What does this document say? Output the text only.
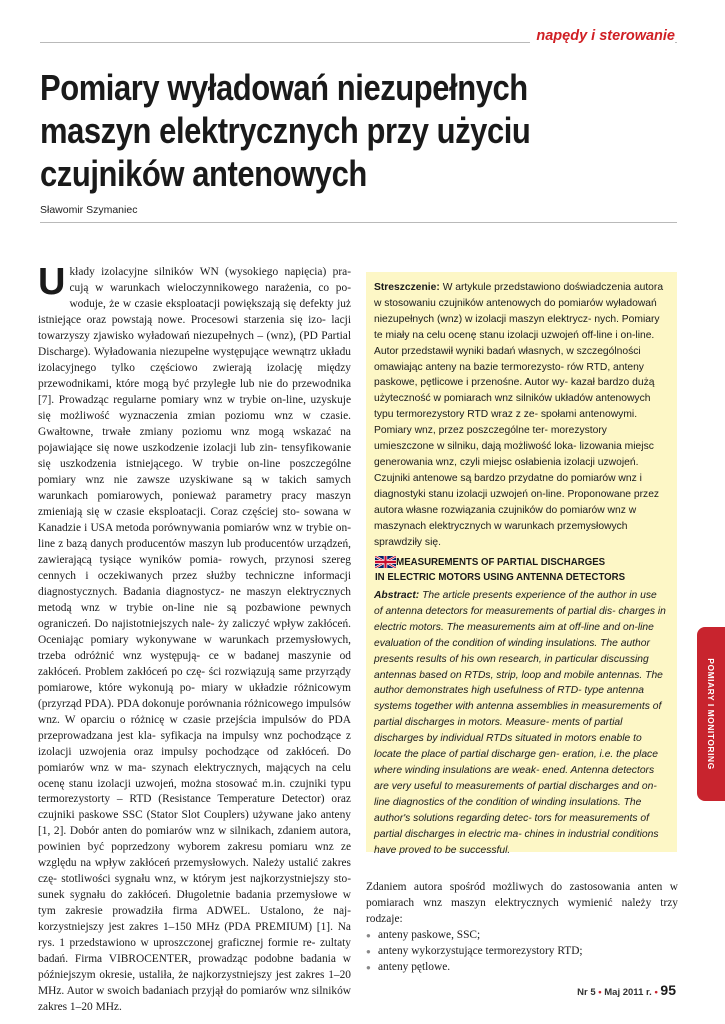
napędy i sterowanie
Pomiary wyładowań niezupełnych
maszyn elektrycznych przy użyciu
czujników antenowych
Sławomir Szymaniec
U kłady izolacyjne silników WN (wysokiego napięcia) pra- cują w warunkach wieloczynnikowego narażenia, co po- woduje, że w czasie eksploatacji powiększają się defekty już istniejące oraz powstają nowe. Procesowi starzenia się izo- lacji towarzyszy zjawisko wyładowań niezupełnych – (wnz), (PD Partial Discharge). Wyładowania niezupełne występujące wewnątrz układu izolacyjnego tylko częściowo zwierają izolację między przewodnikami, które mogą być przyległe lub nie do przewodnika [7]. Prowadząc regularne pomiary wnz w trybie on-line, uzyskuje się możliwość wyznaczenia zmian poziomu wnz w czasie. Gwałtowne, trwałe zmiany poziomu wnz mogą wskazać na pojawiające się nowe uszkodzenie izolacji lub zin- tensyfikowanie się uszkodzenia istniejącego. W trybie on-line poszczególne pomiary wnz nie zawsze uzyskiwane są w takich samych warunkach pomiarowych, ponieważ parametry pracy maszyn zmieniają się w czasie eksploatacji. Coraz częściej sto- sowana w Kanadzie i USA metoda porównywania pomiarów wnz w trybie on-line z bazą danych producentów maszyn lub producentów urządzeń, zawierającą tysiące wyników pomia- rowych, przynosi szereg cennych i oczekiwanych przez służby techniczne informacji diagnostycznych. Badania diagnostycz- ne maszyn elektrycznych metodą wnz w trybie on-line nie są pozbawione pewnych ograniczeń. Do najistotniejszych nale- ży zaliczyć wpływ zakłóceń. Oceniając pomiary wykonywane w warunkach przemysłowych, trzeba odróżnić wnz występują- ce w badanej maszynie od zakłóceń. Problem zakłóceń po czę- ści rozwiązują same przyrządy pomiarowe, które wykonują po- miary w układzie różnicowym (przyrząd PDA). PDA dokonuje porównania różnicowego impulsów wnz. W oparciu o różnicę w czasie przejścia impulsów do PDA przeprowadzana jest kla- syfikacja na impulsy wnz pochodzące z izolacji uzwojenia oraz impulsy pochodzące od zakłóceń. Do pomiarów wnz w ma- szynach elektrycznych, mających na celu ocenę stanu izolacji uzwojeń, można stosować m.in. czujniki typu termorezystorty – RTD (Resistance Temperature Detector) oraz czujniki paskowe SSC (Stator Slot Couplers) używane jako anteny [1, 2]. Dobór anten do pomiarów wnz w silnikach, zdaniem autora, powinien być poprzedzony wyborem zakresu pomiaru wnz ze względu na wpływ zakłóceń przemysłowych. Należy ustalić zakres czę- stotliwości sygnału wnz, w którym jest najkorzystniejszy sto- sunek sygnału do zakłóceń. Długoletnie badania przemysłowe w tym zakresie prowadziła firma ADWEL. Ustalono, że naj- korzystniejszy jest zakres 1–150 MHz (PDA PREMIUM) [1]. Na rys. 1 przedstawiono w uproszczonej graficznej formie re- zultaty badań. Firma VIBROCENTER, prowadząc podobne badania w późniejszym okresie, ustaliła, że najkorzystniejszy jest zakres 1–20 MHz. Autor w swoich badaniach przyjął do pomiarów wnz silników zakres 1–20 MHz.

Streszczenie: W artykule przedstawiono doświadczenia autora w stosowaniu czujników antenowych do pomiarów wyładowań niezupełnych (wnz) w izolacji maszyn elektrycz- nych. Pomiary te miały na celu ocenę stanu izolacji uzwojeń off-line i on-line. Autor przedstawił wyniki badań własnych, w szczególności omawiając anteny na bazie termorezysto- rów RTD, anteny paskowe, pętlicowe i przenośne. Autor wy- kazał bardzo dużą użyteczność w pomiarach wnz silników układów antenowych typu termorezystory RTD wraz z ze- społami antenowymi. Pomiary wnz, przez poszczególne ter- morezystory umieszczone w silniku, dają możliwość loka- lizowania miejsc generowania wnz, czyli miejsc osłabienia izolacji uzwojeń. Czujniki antenowe są bardzo przydatne do pomiarów wnz i diagnostyki stanu izolacji uzwojeń on-line. Proponowane przez autora własne rozwiązania czujników do pomiarów wnz w maszynach elektrycznych w warunkach przemysłowych sprawdziły się.

MEASUREMENTS OF PARTIAL DISCHARGES
IN ELECTRIC MOTORS USING ANTENNA DETECTORS

Abstract: The article presents experience of the author in use of antenna detectors for measurements of partial dis- charges in electric motors. The measurements aim at off-line and on-line evaluation of the condition of winding insulations. The author presents results of his own research, in particular discussing antennas based on RTDs, strip, loop and mobile antennas. The author demonstrates high usefulness of RTD- type antenna systems together with antenna assemblies in measurements of partial discharges in motors. Measure- ments of partial discharges by individual RTDs situated in motors enable to locate the place of partial discharge gen- eration, i.e. the place where winding insulations are weak- ened. Antenna detectors are very useful to measurements of partial discharges and on-line diagnostics of the condition of winding insulations. The author's solutions regarding detec- tors for measurements of partial discharges in electric ma- chines in industrial conditions have proved to be successful.

Zdaniem autora spośród możliwych do zastosowania anten w pomiarach wnz maszyn elektrycznych wymienić należy trzy rodzaje:

● anteny paskowe, SSC;
● anteny wykorzystujące termorezystory RTD;
● anteny pętlowe.
POMIARY I MONITORING
Nr 5 • Maj 2011 r. • 95
